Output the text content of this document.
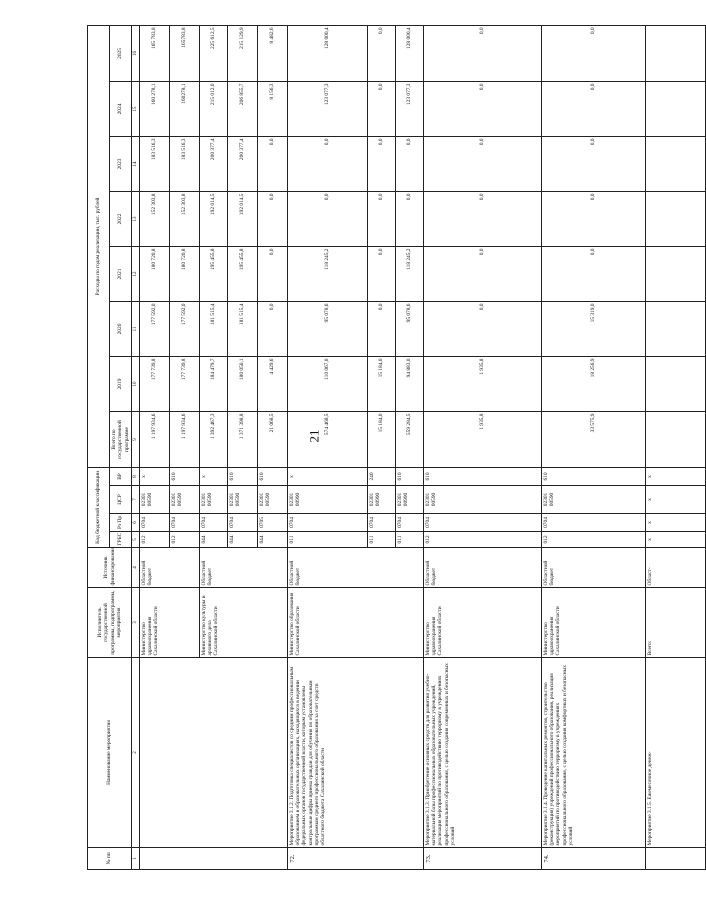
21
№ пп	Наименование мероприятия	Исполнитель государственной программы, подпрограммы, мероприятия	Источник финансирования	Код бюджетной классификации				Расходы по годам реализации, тыс. рублей							
				ГРБС	Рз Пр	ЦСР	ВР	Всего по государственной программе	2019	2020	2021	2022	2023	2024	2025
1	2	3	4	5	6	7	8	9	10	11	12	13	14	15	16
		Министерство здравоохранения Сахалинской области	Областной бюджет	012	0704	02301 00590	x	1 197 934,6	177 739,8	177 592,0	180 720,8	152 303,8	183 516,3	160 278,1	165 783,8
				012	0704	02301 00590	610	1 197 934,6	177 739,8	177 592,0	180 720,8	152 303,8	183 516,3	160278,1	165783,8
		Министерство культуры и архивного дела Сахалинской области	Областной бюджет	044	0704	02301 00590	x	1 392 467,3	184 479,7	181 515,4	195 455,8	192 014,5	200 377,4	215 012,0	225 612,5
				044	0704	02301 00590	610	1 371 398,8	180 050,1	181 515,4	195 455,8	192 014,5	200 377,4	206 855,7	215 129,9
				044	0705	02301 00590	610	21 068,5	4 429,6	0,0	0,0	0,0	0,0	8 156,3	8 482,6
72.	Мероприятие 3.1.2. Подготовка специалистов со средним профессиональным образованием в образовательных организациях, находящихся в ведении федеральных органов государственной власти, которым установлены контрольные цифры приема граждан для обучения по образовательным программам среднего профессионального образования за счет средств областного бюджета Сахалинской области	Министерство образования Сахалинской области	Областной бюджет	011	0704	02301 00990	x	574 468,5	110 067,0	95 078,6	118 245,2	0,0	0,0	123 077,3	128 000,4
				011	0704	02301 00990	240	15 184,0	15 184,0	0,0	0,0	0,0	0,0	0,0	0,0
				011	0704	02301 00990	610	559 284,5	94 883,0	95 078,6	118 245,2	0,0	0,0	123 077,3	128 000,4
73.	Мероприятие 3.1.3. Приобретение основных средств для развития учебно-материальной базы профессиональных образовательных учреждений, реализация мероприятий по противодействию терроризму в учреждениях профессионального образования, с целью создания современных и безопасных условий	Министерство здравоохранения Сахалинской области	Областной бюджет	012	0704	02301 00590	610	1 935,8	1 935,8	0,0	0,0	0,0	0,0	0,0	0,0
74.	Мероприятие 3.1.4. Проведение капитальных ремонтов, строительство (реконструкция) учреждений профессионального образования, реализация мероприятий по противодействию терроризму в учреждениях профессионального образования, с целью создания комфортных и безопасных условий	Министерство здравоохранения Сахалинской области	Областной бюджет	012	0704	02301 00590	610	33 575,9	18 256,9	15 319,0	0,0	0,0	0,0	0,0	0,0
	Мероприятие 3.1.5. Ежемесячное денеж-	Всего:	Област-	x	x	x	x								
